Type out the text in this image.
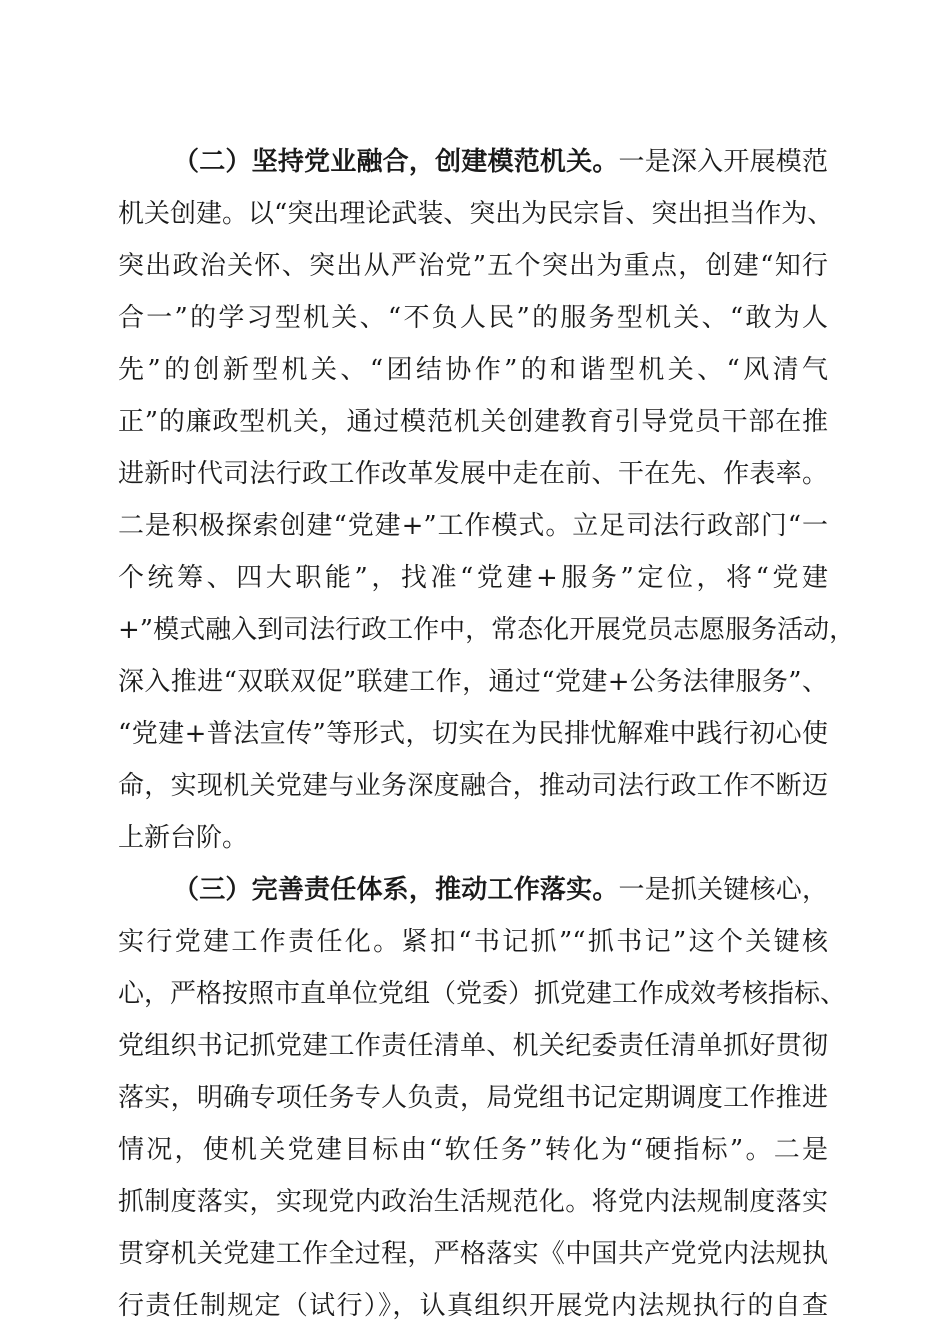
（二）坚持党业融合，创建模范机关。一是深入开展模范
机关创建。以“突出理论武装、突出为民宗旨、突出担当作为、
突出政治关怀、突出从严治党”五个突出为重点，创建“知行
合一”的学习型机关、“不负人民”的服务型机关、“敢为人
先”的创新型机关、“团结协作”的和谐型机关、“风清气
正”的廉政型机关，通过模范机关创建教育引导党员干部在推
进新时代司法行政工作改革发展中走在前、干在先、作表率。
二是积极探索创建“党建+”工作模式。立足司法行政部门“一
个统筹、四大职能”，找准“党建+服务”定位，将“党建
+”模式融入到司法行政工作中，常态化开展党员志愿服务活动，
深入推进“双联双促”联建工作，通过“党建+公务法律服务”、
“党建+普法宣传”等形式，切实在为民排忧解难中践行初心使
命，实现机关党建与业务深度融合，推动司法行政工作不断迈
上新台阶。
（三）完善责任体系，推动工作落实。一是抓关键核心，
实行党建工作责任化。紧扣“书记抓”“抓书记”这个关键核
心，严格按照市直单位党组（党委）抓党建工作成效考核指标、
党组织书记抓党建工作责任清单、机关纪委责任清单抓好贯彻
落实，明确专项任务专人负责，局党组书记定期调度工作推进
情况，使机关党建目标由“软任务”转化为“硬指标”。二是
抓制度落实，实现党内政治生活规范化。将党内法规制度落实
贯穿机关党建工作全过程，严格落实《中国共产党党内法规执
行责任制规定（试行）》，认真组织开展党内法规执行的自查
